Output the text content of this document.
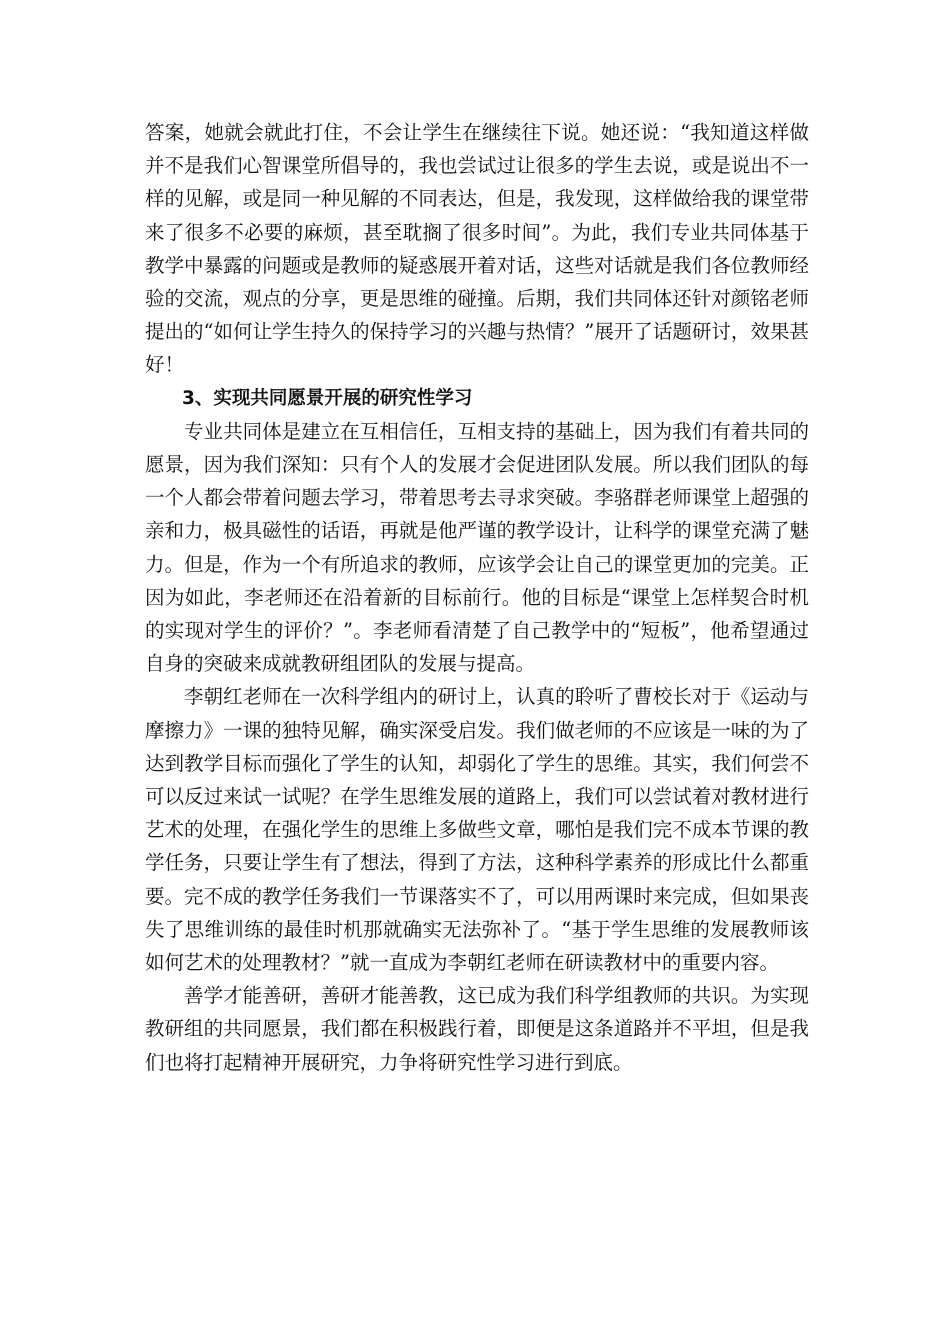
答案，她就会就此打住，不会让学生在继续往下说。她还说：“我知道这样做并不是我们心智课堂所倡导的，我也尝试过让很多的学生去说，或是说出不一样的见解，或是同一种见解的不同表达，但是，我发现，这样做给我的课堂带来了很多不必要的麻烦，甚至耽搁了很多时间”。为此，我们专业共同体基于教学中暴露的问题或是教师的疑惑展开着对话，这些对话就是我们各位教师经验的交流，观点的分享，更是思维的碰撞。后期，我们共同体还针对颜铭老师提出的“如何让学生持久的保持学习的兴趣与热情？”展开了话题研讨，效果甚好！

3、实现共同愿景开展的研究性学习

专业共同体是建立在互相信任，互相支持的基础上，因为我们有着共同的愿景，因为我们深知：只有个人的发展才会促进团队发展。所以我们团队的每一个人都会带着问题去学习，带着思考去寻求突破。李骆群老师课堂上超强的亲和力，极具磁性的话语，再就是他严谨的教学设计，让科学的课堂充满了魅力。但是，作为一个有所追求的教师，应该学会让自己的课堂更加的完美。正因为如此，李老师还在沿着新的目标前行。他的目标是“课堂上怎样契合时机的实现对学生的评价？”。李老师看清楚了自己教学中的“短板”，他希望通过自身的突破来成就教研组团队的发展与提高。

李朝红老师在一次科学组内的研讨上，认真的聆听了曹校长对于《运动与摩擦力》一课的独特见解，确实深受启发。我们做老师的不应该是一味的为了达到教学目标而强化了学生的认知，却弱化了学生的思维。其实，我们何尝不可以反过来试一试呢？在学生思维发展的道路上，我们可以尝试着对教材进行艺术的处理，在强化学生的思维上多做些文章，哪怕是我们完不成本节课的教学任务，只要让学生有了想法，得到了方法，这种科学素养的形成比什么都重要。完不成的教学任务我们一节课落实不了，可以用两课时来完成，但如果丧失了思维训练的最佳时机那就确实无法弥补了。“基于学生思维的发展教师该如何艺术的处理教材？”就一直成为李朝红老师在研读教材中的重要内容。

善学才能善研，善研才能善教，这已成为我们科学组教师的共识。为实现教研组的共同愿景，我们都在积极践行着，即便是这条道路并不平坦，但是我们也将打起精神开展研究，力争将研究性学习进行到底。
